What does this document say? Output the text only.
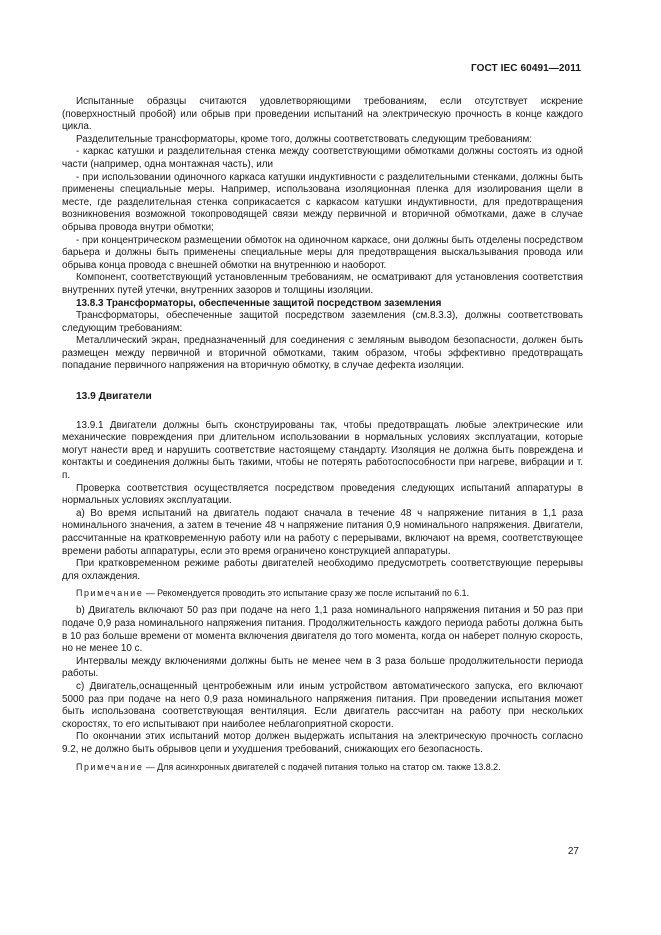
ГОСТ IEC 60491—2011

Испытанные образцы считаются удовлетворяющими требованиям, если отсутствует искрение (поверхностный пробой) или обрыв при проведении испытаний на электрическую прочность в конце каждого цикла.

Разделительные трансформаторы, кроме того, должны соответствовать следующим требованиям:

- каркас катушки и разделительная стенка между соответствующими обмотками должны состоять из одной части (например, одна монтажная часть), или

- при использовании одиночного каркаса катушки индуктивности с разделительными стенками, должны быть применены специальные меры. Например, использована изоляционная пленка для изолирования щели в месте, где разделительная стенка соприкасается с каркасом катушки индуктивности, для предотвращения возникновения возможной токопроводящей связи между первичной и вторичной обмотками, даже в случае обрыва провода внутри обмотки;

- при концентрическом размещении обмоток на одиночном каркасе, они должны быть отделены посредством барьера и должны быть применены специальные меры для предотвращения выскальзывания провода или обрыва конца провода с внешней обмотки на внутреннюю и наоборот.

Компонент, соответствующий установленным требованиям, не осматривают для установления соответствия внутренних путей утечки, внутренних зазоров и толщины изоляции.

13.8.3 Трансформаторы, обеспеченные защитой посредством заземления

Трансформаторы, обеспеченные защитой посредством заземления (см.8.3.3), должны соответствовать следующим требованиям:

Металлический экран, предназначенный для соединения с земляным выводом безопасности, должен быть размещен между первичной и вторичной обмотками, таким образом, чтобы эффективно предотвращать попадание первичного напряжения на вторичную обмотку, в случае дефекта изоляции.

13.9 Двигатели

13.9.1 Двигатели должны быть сконструированы так, чтобы предотвращать любые электрические или механические повреждения при длительном использовании в нормальных условиях эксплуатации, которые могут нанести вред и нарушить соответствие настоящему стандарту. Изоляция не должна быть повреждена и контакты и соединения должны быть такими, чтобы не потерять работоспособности при нагреве, вибрации и т. п.

Проверка соответствия осуществляется посредством проведения следующих испытаний аппаратуры в нормальных условиях эксплуатации.

а) Во время испытаний на двигатель подают сначала в течение 48 ч напряжение питания в 1,1 раза номинального значения, а затем в течение 48 ч напряжение питания 0,9 номинального напряжения. Двигатели, рассчитанные на кратковременную работу или на работу с перерывами, включают на время, соответствующее времени работы аппаратуры, если это время ограничено конструкцией аппаратуры.

При кратковременном режиме работы двигателей необходимо предусмотреть соответствующие перерывы для охлаждения.

Примечание — Рекомендуется проводить это испытание сразу же после испытаний по 6.1.

b) Двигатель включают 50 раз при подаче на него 1,1 раза номинального напряжения питания и 50 раз при подаче 0,9 раза номинального напряжения питания. Продолжительность каждого периода работы должна быть в 10 раз больше времени от момента включения двигателя до того момента, когда он наберет полную скорость, но не менее 10 с.

Интервалы между включениями должны быть не менее чем в 3 раза больше продолжительности периода работы.

c) Двигатель,оснащенный центробежным или иным устройством автоматического запуска, его включают 5000 раз при подаче на него 0,9 раза номинального напряжения питания. При проведении испытания может быть использована соответствующая вентиляция. Если двигатель рассчитан на работу при нескольких скоростях, то его испытывают при наиболее неблагоприятной скорости.

По окончании этих испытаний мотор должен выдержать испытания на электрическую прочность согласно 9.2, не должно быть обрывов цепи и ухудшения требований, снижающих его безопасность.

Примечание — Для асинхронных двигателей с подачей питания только на статор см. также 13.8.2.

27
